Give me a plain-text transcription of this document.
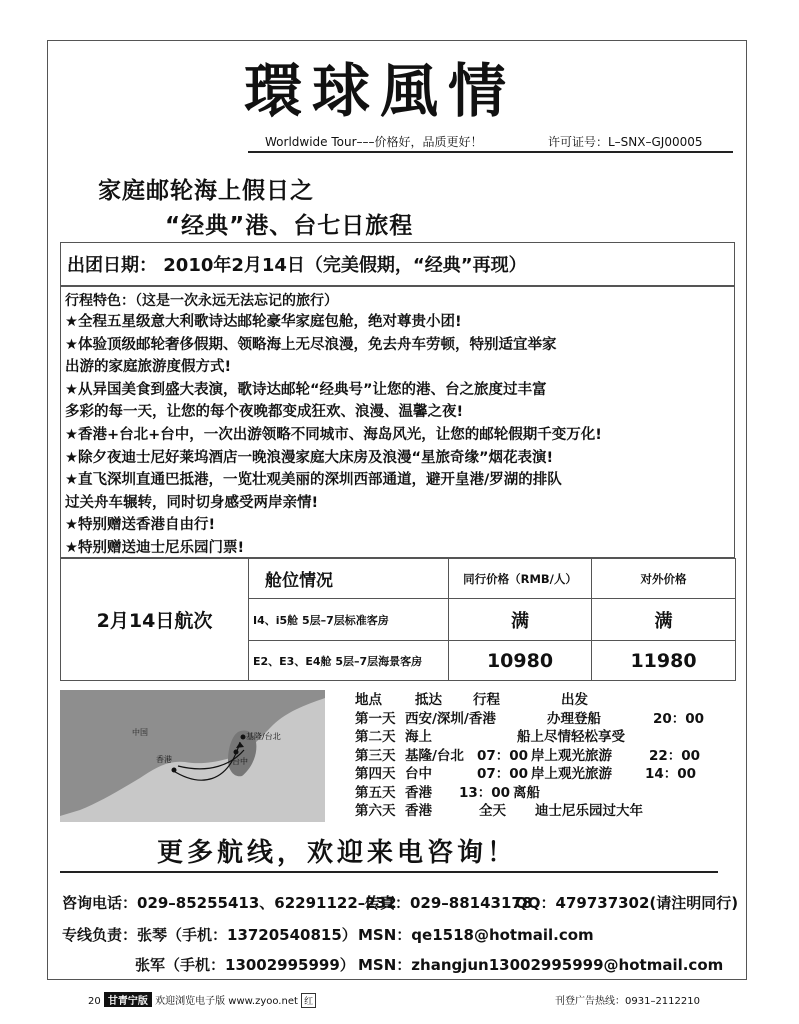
環球風情
Worldwide Tour–––价格好，品质更好！	许可证号：L–SNX–GJ00005
家庭邮轮海上假日之
“经典”港、台七日旅程
出团日期： 2010年2月14日（完美假期，“经典”再现）
行程特色：（这是一次永远无法忘记的旅行）
★全程五星级意大利歌诗达邮轮豪华家庭包舱，绝对尊贵小团!
★体验顶级邮轮奢侈假期、领略海上无尽浪漫，免去舟车劳顿，特别适宜举家
出游的家庭旅游度假方式!
★从异国美食到盛大表演，歌诗达邮轮“经典号”让您的港、台之旅度过丰富
多彩的每一天，让您的每个夜晚都变成狂欢、浪漫、温馨之夜!
★香港+台北+台中，一次出游领略不同城市、海岛风光，让您的邮轮假期千变万化!
★除夕夜迪士尼好莱坞酒店一晚浪漫家庭大床房及浪漫“星旅奇缘”烟花表演!
★直飞深圳直通巴抵港，一览壮观美丽的深圳西部通道，避开皇港/罗湖的排队
过关舟车辗转，同时切身感受两岸亲情!
★特别赠送香港自由行!
★特别赠送迪士尼乐园门票!
2月14日航次	舱位情况	同行价格（RMB/人）	对外价格
	I4、i5舱 5层–7层标准客房	满	满
	E2、E3、E4舱 5层–7层海景客房	10980	11980
中国
香港
基隆/台北
台中
地点 抵达 行程	出发
第一天 西安/深圳/香港	办理登船	20：00
第二天 海上	船上尽情轻松享受
第三天 基隆/台北 07：00 岸上观光旅游	22：00
第四天 台中	07：00 岸上观光旅游 14：00
第五天 香港 13：00 离船
第六天 香港	全天 迪士尼乐园过大年
更多航线，欢迎来电咨询！
咨询电话：029–85255413、62291122–232
传真：029–88143178
QQ：479737302(请注明同行)
专线负责：张琴（手机：13720540815） MSN：qe1518@hotmail.com
张军（手机：13002995999） MSN：zhangjun13002995999@hotmail.com
20 甘青宁版 欢迎浏览电子版 www.zyoo.net 红	刊登广告热线：0931–2112210
